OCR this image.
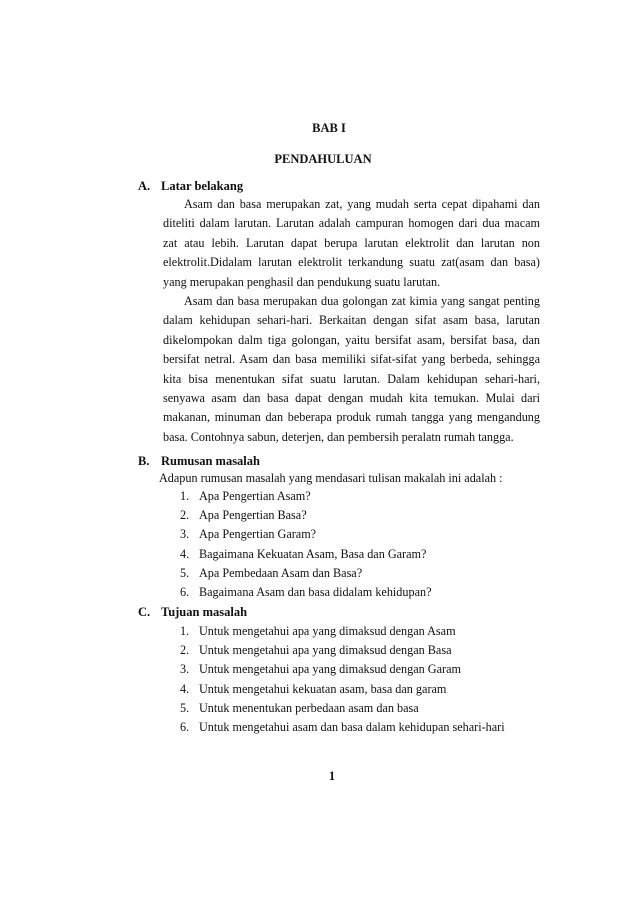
BAB I
PENDAHULUAN
A. Latar belakang

Asam dan basa merupakan zat, yang mudah serta cepat dipahami dan diteliti dalam larutan. Larutan adalah campuran homogen dari dua macam zat atau lebih. Larutan dapat berupa larutan elektrolit dan larutan non elektrolit.Didalam larutan elektrolit terkandung suatu zat(asam dan basa) yang merupakan penghasil dan pendukung suatu larutan.

Asam dan basa merupakan dua golongan zat kimia yang sangat penting dalam kehidupan sehari-hari. Berkaitan dengan sifat asam basa, larutan dikelompokan dalm tiga golongan, yaitu bersifat asam, bersifat basa, dan bersifat netral. Asam dan basa memiliki sifat-sifat yang berbeda, sehingga kita bisa menentukan sifat suatu larutan. Dalam kehidupan sehari-hari, senyawa asam dan basa dapat dengan mudah kita temukan. Mulai dari makanan, minuman dan beberapa produk rumah tangga yang mengandung basa. Contohnya sabun, deterjen, dan pembersih peralatn rumah tangga.

B. Rumusan masalah
Adapun rumusan masalah yang mendasari tulisan makalah ini adalah :
1. Apa Pengertian Asam?
2. Apa Pengertian Basa?
3. Apa Pengertian Garam?
4. Bagaimana Kekuatan Asam, Basa dan Garam?
5. Apa Pembedaan Asam dan Basa?
6. Bagaimana Asam dan basa didalam kehidupan?
C. Tujuan masalah
1. Untuk mengetahui apa yang dimaksud dengan Asam
2. Untuk mengetahui apa yang dimaksud dengan Basa
3. Untuk mengetahui apa yang dimaksud dengan Garam
4. Untuk mengetahui kekuatan asam, basa dan garam
5. Untuk menentukan perbedaan asam dan basa
6. Untuk mengetahui asam dan basa dalam kehidupan sehari-hari
1
